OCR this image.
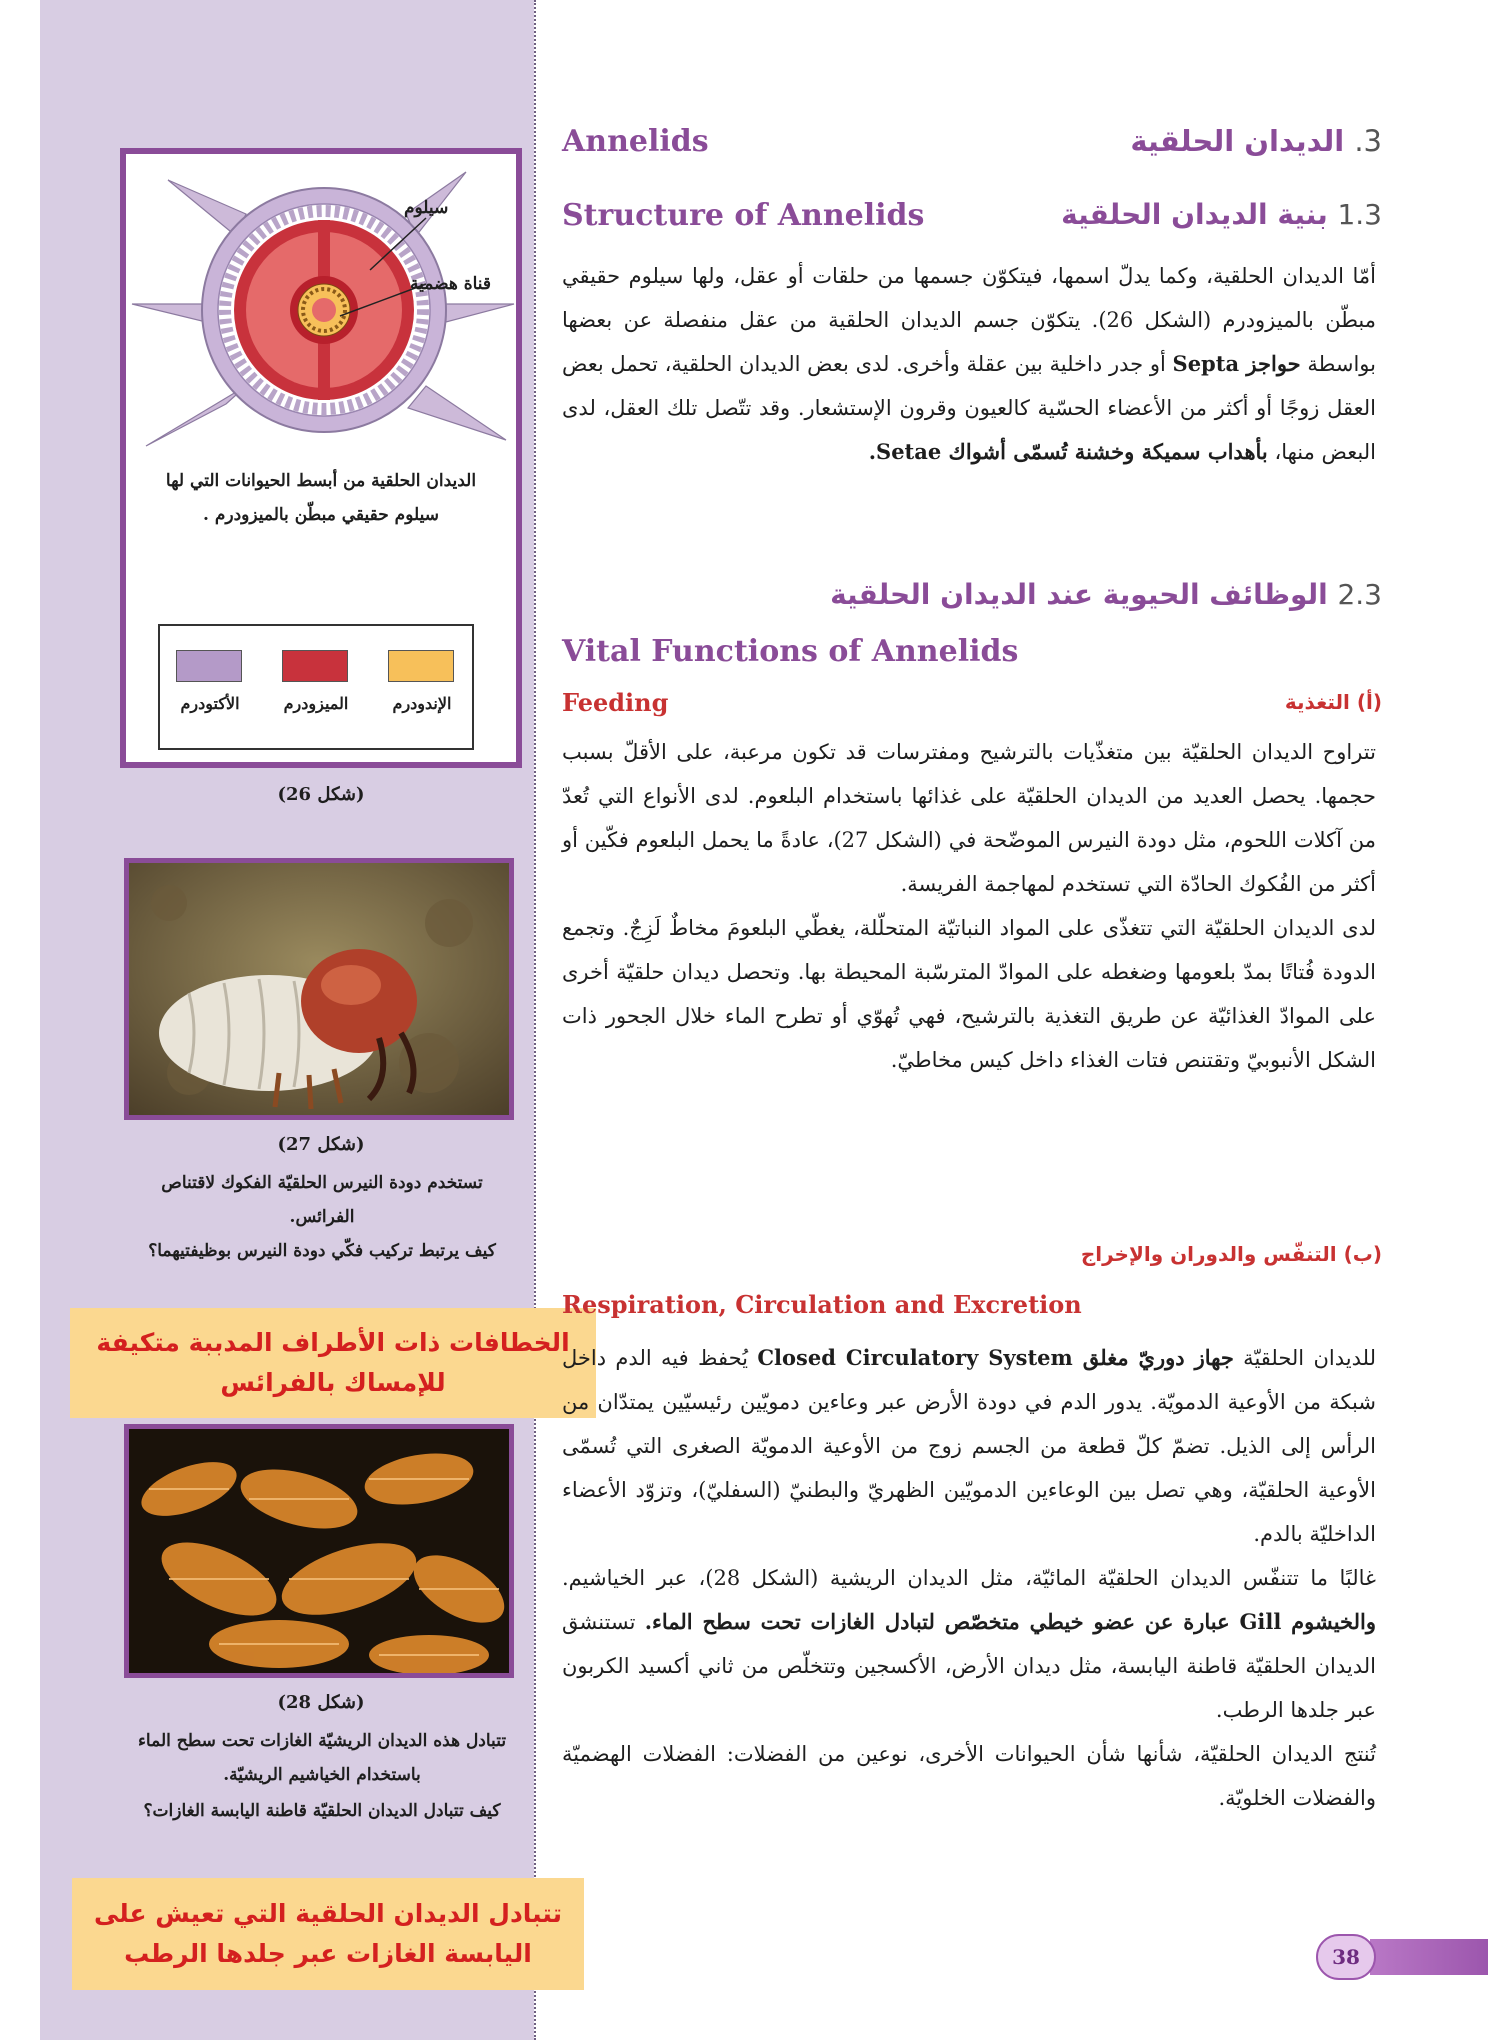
سيلوم
قناة هضمية
الديدان الحلقية من أبسط الحيوانات التي لها سيلوم حقيقي مبطّن بالميزودرم .
الأكتودرم	الميزودرم	الإندودرم
(شكل 26)
(شكل 27)
تستخدم دودة النيرس الحلقيّة الفكوك لاقتناص الفرائس.
كيف يرتبط تركيب فكّي دودة النيرس بوظيفتيهما؟
الخطافات ذات الأطراف المدببة متكيفة للإمساك بالفرائس
(شكل 28)
تتبادل هذه الديدان الريشيّة الغازات تحت سطح الماء باستخدام الخياشيم الريشيّة.
كيف تتبادل الديدان الحلقيّة قاطنة اليابسة الغازات؟
تتبادل الديدان الحلقية التي تعيش على اليابسة الغازات عبر جلدها الرطب
Annelids	3. الديدان الحلقية
Structure of Annelids	1.3 بنية الديدان الحلقية

أمّا الديدان الحلقية، وكما يدلّ اسمها، فيتكوّن جسمها من حلقات أو عقل، ولها سيلوم حقيقي مبطّن بالميزودرم (الشكل 26). يتكوّن جسم الديدان الحلقية من عقل منفصلة عن بعضها بواسطة حواجز Septa أو جدر داخلية بين عقلة وأخرى. لدى بعض الديدان الحلقية، تحمل بعض العقل زوجًا أو أكثر من الأعضاء الحسّية كالعيون وقرون الإستشعار. وقد تتّصل تلك العقل، لدى البعض منها، بأهداب سميكة وخشنة تُسمّى أشواك Setae.

2.3 الوظائف الحيوية عند الديدان الحلقية
Vital Functions of Annelids
Feeding	(أ) التغذية

تتراوح الديدان الحلقيّة بين متغذّيات بالترشيح ومفترسات قد تكون مرعبة، على الأقلّ بسبب حجمها. يحصل العديد من الديدان الحلقيّة على غذائها باستخدام البلعوم. لدى الأنواع التي تُعدّ من آكلات اللحوم، مثل دودة النيرس الموضّحة في (الشكل 27)، عادةً ما يحمل البلعوم فكّين أو أكثر من الفُكوك الحادّة التي تستخدم لمهاجمة الفريسة.

لدى الديدان الحلقيّة التي تتغذّى على المواد النباتيّة المتحلّلة، يغطّي البلعومَ مخاطٌ لَزِجٌ. وتجمع الدودة فُتاتًا بمدّ بلعومها وضغطه على الموادّ المترسّبة المحيطة بها. وتحصل ديدان حلقيّة أخرى على الموادّ الغذائيّة عن طريق التغذية بالترشيح، فهي تُهوّي أو تطرح الماء خلال الجحور ذات الشكل الأنبوبيّ وتقتنص فتات الغذاء داخل كيس مخاطيّ.

(ب) التنفّس والدوران والإخراج
Respiration, Circulation and Excretion

للديدان الحلقيّة جهاز دوريّ مغلق Closed Circulatory System يُحفظ فيه الدم داخل شبكة من الأوعية الدمويّة. يدور الدم في دودة الأرض عبر وعاءين دمويّين رئيسيّين يمتدّان من الرأس إلى الذيل. تضمّ كلّ قطعة من الجسم زوج من الأوعية الدمويّة الصغرى التي تُسمّى الأوعية الحلقيّة، وهي تصل بين الوعاءين الدمويّين الظهريّ والبطنيّ (السفليّ)، وتزوّد الأعضاء الداخليّة بالدم.

غالبًا ما تتنفّس الديدان الحلقيّة المائيّة، مثل الديدان الريشية (الشكل 28)، عبر الخياشيم. والخيشوم Gill عبارة عن عضو خيطي متخصّص لتبادل الغازات تحت سطح الماء. تستنشق الديدان الحلقيّة قاطنة اليابسة، مثل ديدان الأرض، الأكسجين وتتخلّص من ثاني أكسيد الكربون عبر جلدها الرطب.

تُنتج الديدان الحلقيّة، شأنها شأن الحيوانات الأخرى، نوعين من الفضلات: الفضلات الهضميّة والفضلات الخلويّة.

38
